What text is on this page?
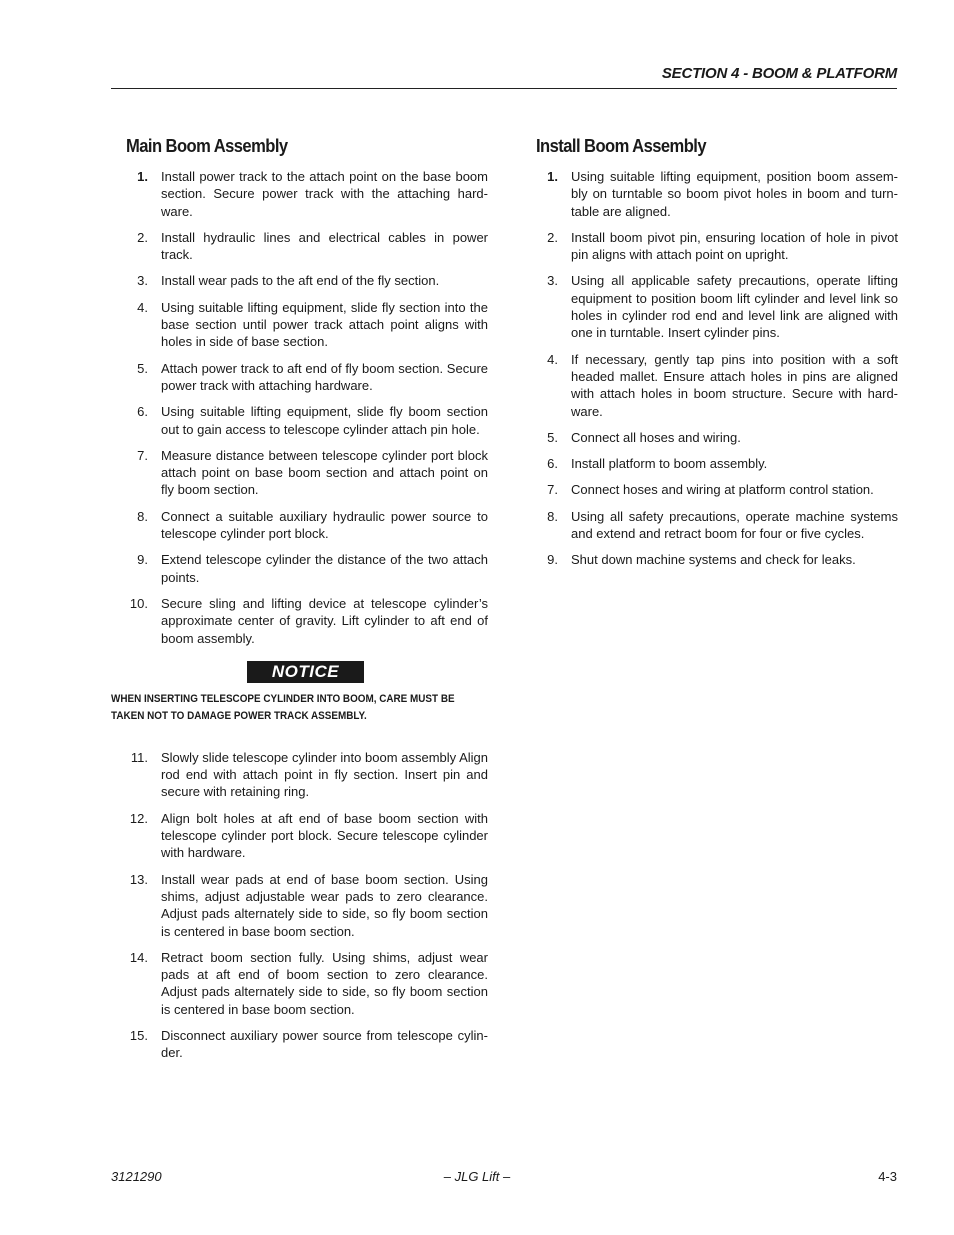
SECTION 4 - BOOM & PLATFORM
Main Boom Assembly
1. Install power track to the attach point on the base boom section. Secure power track with the attaching hard- ware.
2. Install hydraulic lines and electrical cables in power track.
3. Install wear pads to the aft end of the fly section.
4. Using suitable lifting equipment, slide fly section into the base section until power track attach point aligns with holes in side of base section.
5. Attach power track to aft end of fly boom section. Secure power track with attaching hardware.
6. Using suitable lifting equipment, slide fly boom section out to gain access to telescope cylinder attach pin hole.
7. Measure distance between telescope cylinder port block attach point on base boom section and attach point on fly boom section.
8. Connect a suitable auxiliary hydraulic power source to telescope cylinder port block.
9. Extend telescope cylinder the distance of the two attach points.
10. Secure sling and lifting device at telescope cylinder’s approximate center of gravity. Lift cylinder to aft end of boom assembly.
NOTICE
WHEN INSERTING TELESCOPE CYLINDER INTO BOOM, CARE MUST BE TAKEN NOT TO DAMAGE POWER TRACK ASSEMBLY.
11. Slowly slide telescope cylinder into boom assembly Align rod end with attach point in fly section. Insert pin and secure with retaining ring.
12. Align bolt holes at aft end of base boom section with telescope cylinder port block. Secure telescope cylinder with hardware.
13. Install wear pads at end of base boom section. Using shims, adjust adjustable wear pads to zero clearance. Adjust pads alternately side to side, so fly boom section is centered in base boom section.
14. Retract boom section fully. Using shims, adjust wear pads at aft end of boom section to zero clearance. Adjust pads alternately side to side, so fly boom section is centered in base boom section.
15. Disconnect auxiliary power source from telescope cylin- der.
Install Boom Assembly
1. Using suitable lifting equipment, position boom assem- bly on turntable so boom pivot holes in boom and turn- table are aligned.
2. Install boom pivot pin, ensuring location of hole in pivot pin aligns with attach point on upright.
3. Using all applicable safety precautions, operate lifting equipment to position boom lift cylinder and level link so holes in cylinder rod end and level link are aligned with one in turntable. Insert cylinder pins.
4. If necessary, gently tap pins into position with a soft headed mallet. Ensure attach holes in pins are aligned with attach holes in boom structure. Secure with hard- ware.
5. Connect all hoses and wiring.
6. Install platform to boom assembly.
7. Connect hoses and wiring at platform control station.
8. Using all safety precautions, operate machine systems and extend and retract boom for four or five cycles.
9. Shut down machine systems and check for leaks.
3121290	– JLG Lift –	4-3
